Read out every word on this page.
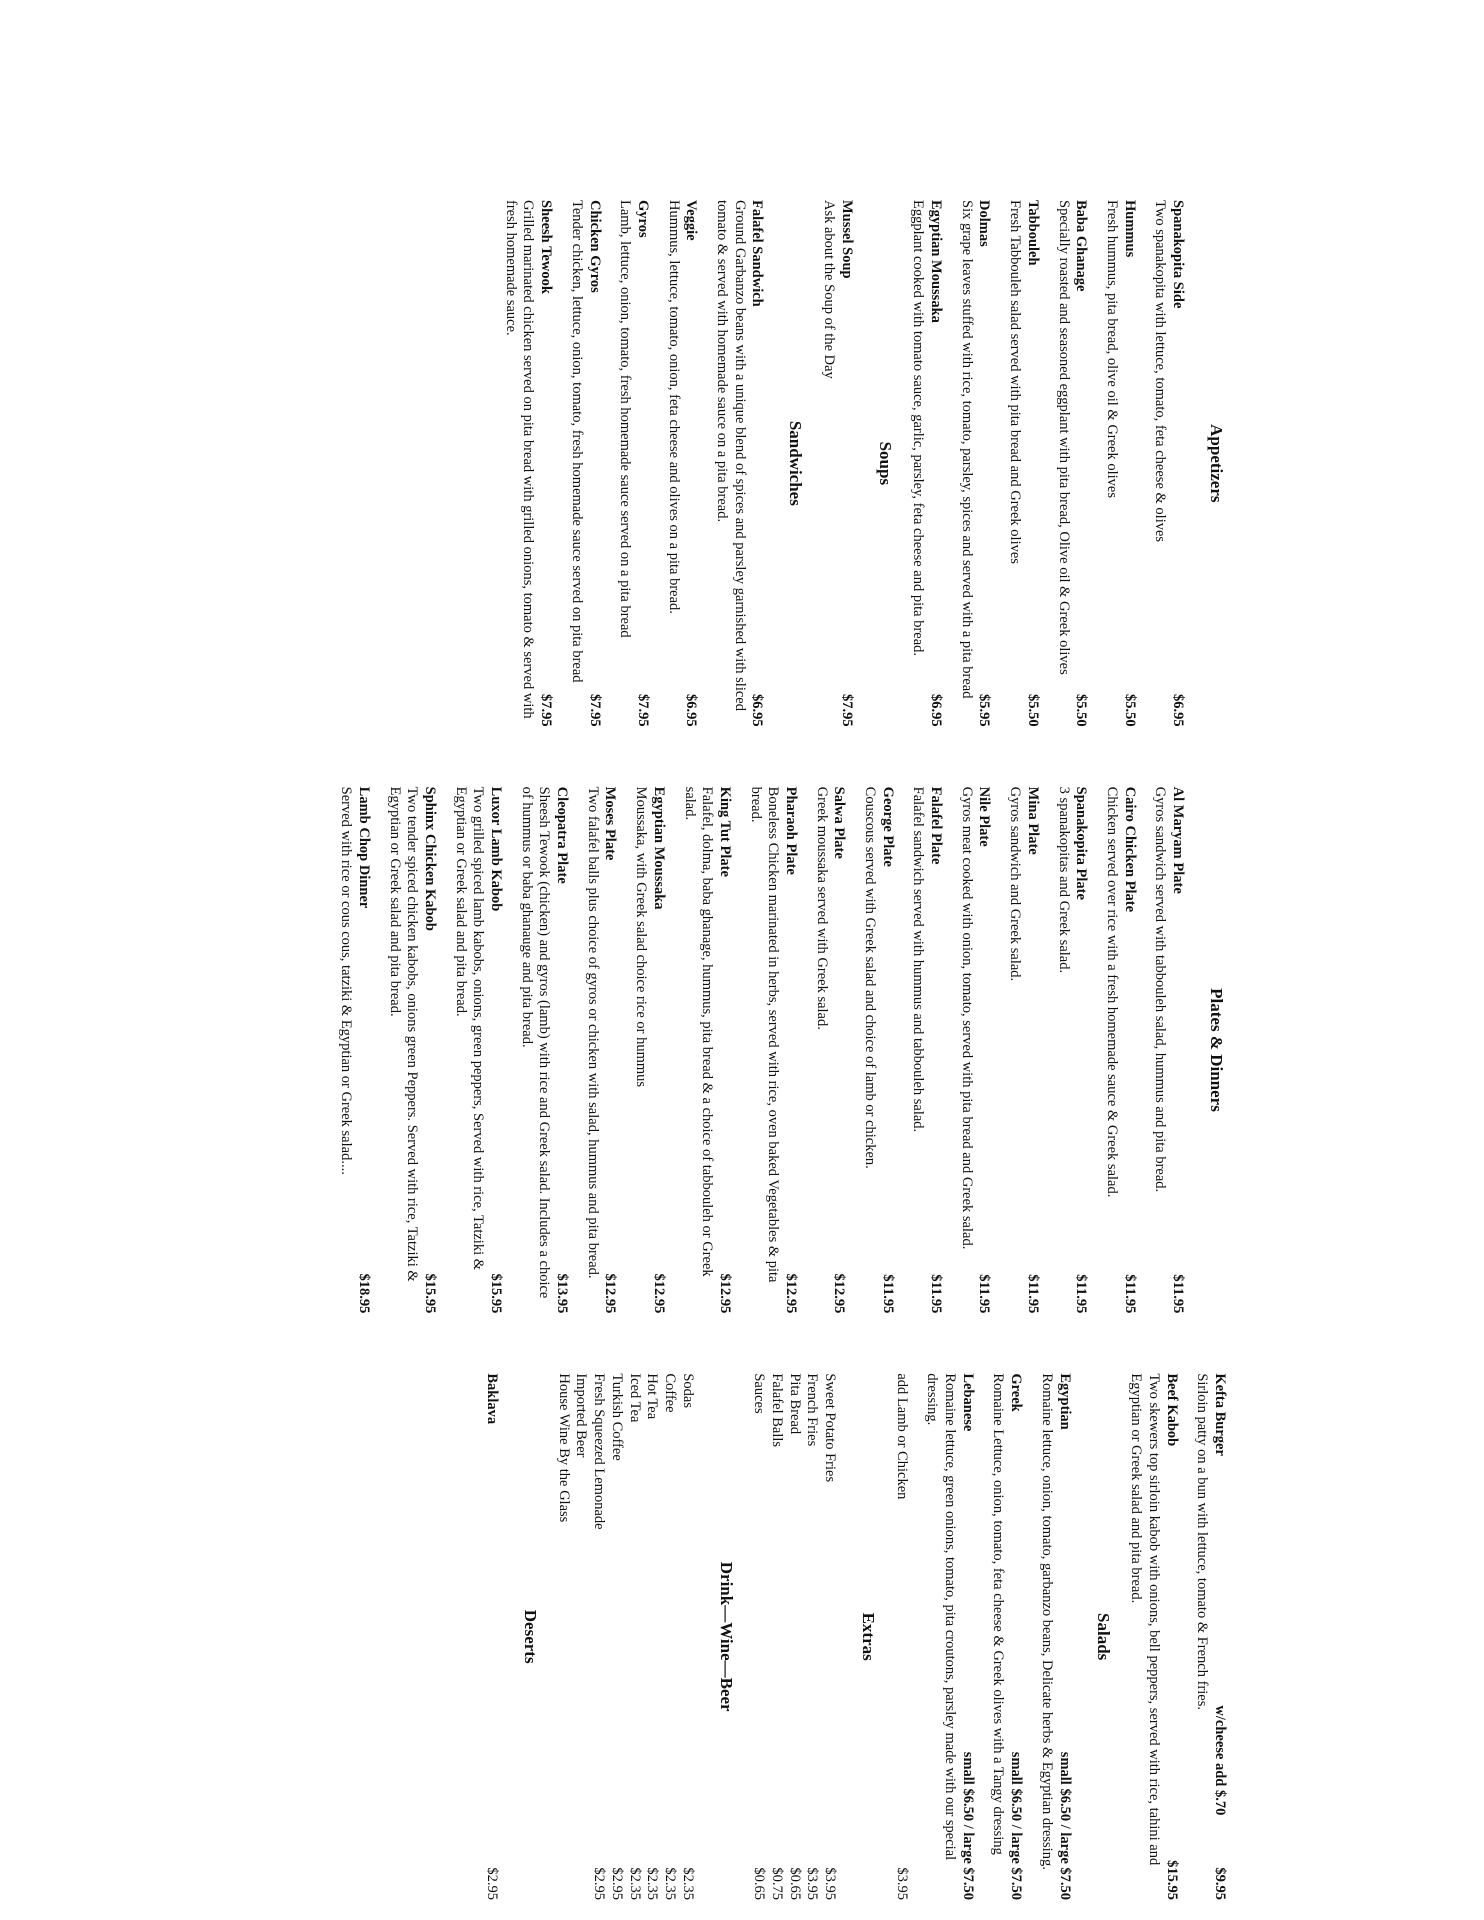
Appetizers
Spanakopita Side
$6.95
Two spanakopita with lettuce, tomato, feta cheese & olives
Hummus
$5.50
Fresh hummus, pita bread, olive oil & Greek olives
Baba Ghanage
$5.50
Specially roasted and seasoned eggplant with pita bread, Olive oil & Greek olives
Tabbouleh
$5.50
Fresh Tabbouleh salad served with pita bread and Greek olives
Dolmas
$5.95
Six grape leaves stuffed with rice, tomato, parsley, spices and served with a pita bread
Egyptian Moussaka
$6.95
Eggplant cooked with tomato sauce, garlic, parsley, feta cheese and pita bread.
Soups
Mussel Soup
$7.95
Ask about the Soup of the Day
Sandwiches
Falafel Sandwich
$6.95
Ground Garbanzo beans with a unique blend of spices and parsley garnished with sliced tomato & served with homemade sauce on a pita bread.
Veggie
$6.95
Hummus, lettuce, tomato, onion, feta cheese and olives on a pita bread.
Gyros
$7.95
Lamb, lettuce, onion, tomato, fresh homemade sauce served on a pita bread
Chicken Gyros
$7.95
Tender chicken, lettuce, onion, tomato, fresh homemade sauce served on pita bread
Sheesh Tewook
$7.95
Grilled marinated chicken served on pita bread with grilled onions, tomato & served with fresh homemade sauce.
Plates & Dinners
Al Maryam Plate
$11.95
Gyros sandwich served with tabbouleh salad, hummus and pita bread.
Cairo Chicken Plate
$11.95
Chicken served over rice with a fresh homemade sauce & Greek salad.
Spanakopita Plate
$11.95
3 spanakopitas and Greek salad.
Mina Plate
$11.95
Gyros sandwich and Greek salad.
Nile Plate
$11.95
Gyros meat cooked with onion, tomato, served with pita bread and Greek salad.
Falafel Plate
$11.95
Falafel sandwich served with hummus and tabbouleh salad.
George Plate
$11.95
Couscous served with Greek salad and choice of lamb or chicken.
Salwa Plate
$12.95
Greek moussaka served with Greek salad.
Pharaoh Plate
$12.95
Boneless Chicken marinated in herbs, served with rice, oven baked Vegetables & pita bread.
King Tut Plate
$12.95
Falafel, dolma, baba ghanage, hummus, pita bread & a choice of tabbouleh or Greek salad.
Egyptian Moussaka
$12.95
Moussaka, with Greek salad choice rice or hummus
Moses Plate
$12.95
Two falafel balls plus choice of gyros or chicken with salad, hummus and pita bread.
Cleopatra Plate
$13.95
Sheesh Tewook (chicken) and gyros (lamb) with rice and Greek salad. Includes a choice of hummus or baba ghanauge and pita bread.
Luxor Lamb Kabob
$15.95
Two grilled spiced lamb kabobs, onions, green peppers, Served with rice, Tatziki & Egyptian or Greek salad and pita bread.
Sphinx Chicken Kabob
$15.95
Two tender spiced chicken kabobs, onions green Peppers. Served with rice, Tatziki & Egyptian or Greek salad and pita bread.
Lamb Chop Dinner
$18.95
Served with rice or cous cous, tatziki & Egyptian or Greek salad....
Kefta Burger
w/cheese add $.70
$9.95
Sirloin patty on a bun with lettuce, tomato & French fries.
Beef Kabob
$15.95
Two skewers top sirloin kabob with onions, bell peppers, served with rice, tahini and Egyptian or Greek salad and pita bread.
Salads
Egyptian
small $6.50 / large $7.50
Romaine lettuce, onion, tomato, garbanzo beans, Delicate herbs & Egyptian dressing.
Greek
small $6.50 / large $7.50
Romaine Lettuce, onion, tomato, feta cheese & Greek olives with a Tangy dressing
Lebanese
small $6.50 / large $7.50
Romaine lettuce, green onions, tomato, pita croutons, parsley made with our special dressing.
add Lamb or Chicken
$3.95
Extras
Sweet Potato Fries
$3.95
French Fries
$3.95
Pita Bread
$0.65
Falafel Balls
$0.75
Sauces
$0.65
Drink—Wine—Beer
Sodas
$2.35
Coffee
$2.35
Hot Tea
$2.35
Iced Tea
$2.35
Turkish Coffee
$2.95
Fresh Squeezed Lemonade
$2.95
Imported Beer
House Wine By the Glass
Deserts
Baklava
$2.95
